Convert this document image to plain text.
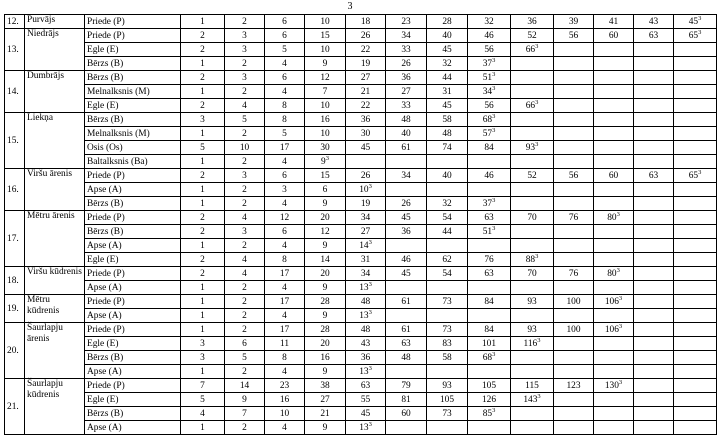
3
12.	Purvājs	Priede (P)	1	2	6	10	18	23	28	32	36	39	41	43	$45^3$
13.	Niedrājs	Priede (P)	2	3	6	15	26	34	40	46	52	56	60	63	$65^3$
		Egle (E)	2	3	5	10	22	33	45	56	$66^3$				
		Bērzs (B)	1	2	4	9	19	26	32	$37^3$					
14.	Dumbrājs	Bērzs (B)	2	3	6	12	27	36	44	$51^3$					
		Melnalksnis (M)	1	2	4	7	21	27	31	$34^3$					
		Egle (E)	2	4	8	10	22	33	45	56	$66^3$				
15.	Liekņa	Bērzs (B)	3	5	8	16	36	48	58	$68^3$					
		Melnalksnis (M)	1	2	5	10	30	40	48	$57^3$					
		Osis (Os)	5	10	17	30	45	61	74	84	$93^3$				
		Baltalksnis (Ba)	1	2	4	$9^3$									
16.	Viršu ārenis	Priede (P)	2	3	6	15	26	34	40	46	52	56	60	63	$65^3$
		Apse (A)	1	2	3	6	$10^3$								
		Bērzs (B)	1	2	4	9	19	26	32	$37^3$					
17.	Mētru ārenis	Priede (P)	2	4	12	20	34	45	54	63	70	76	$80^3$		
		Bērzs (B)	2	3	6	12	27	36	44	$51^3$					
		Apse (A)	1	2	4	9	$14^3$								
		Egle (E)	2	4	8	14	31	46	62	76	$88^3$				
18.	Viršu kūdrenis	Priede (P)	2	4	17	20	34	45	54	63	70	76	$80^3$		
		Apse (A)	1	2	4	9	$13^3$								
19.	Mētru kūdrenis	Priede (P)	1	2	17	28	48	61	73	84	93	100	$106^3$		
		Apse (A)	1	2	4	9	$13^3$								
20.	Šaurlapju ārenis	Priede (P)	1	2	17	28	48	61	73	84	93	100	$106^3$		
		Egle (E)	3	6	11	20	43	63	83	101	$116^3$				
		Bērzs (B)	3	5	8	16	36	48	58	$68^3$					
		Apse (A)	1	2	4	9	$13^3$								
21.	Šaurlapju kūdrenis	Priede (P)	7	14	23	38	63	79	93	105	115	123	$130^3$		
		Egle (E)	5	9	16	27	55	81	105	126	$143^3$				
		Bērzs (B)	4	7	10	21	45	60	73	$85^3$					
		Apse (A)	1	2	4	9	$13^3$								
